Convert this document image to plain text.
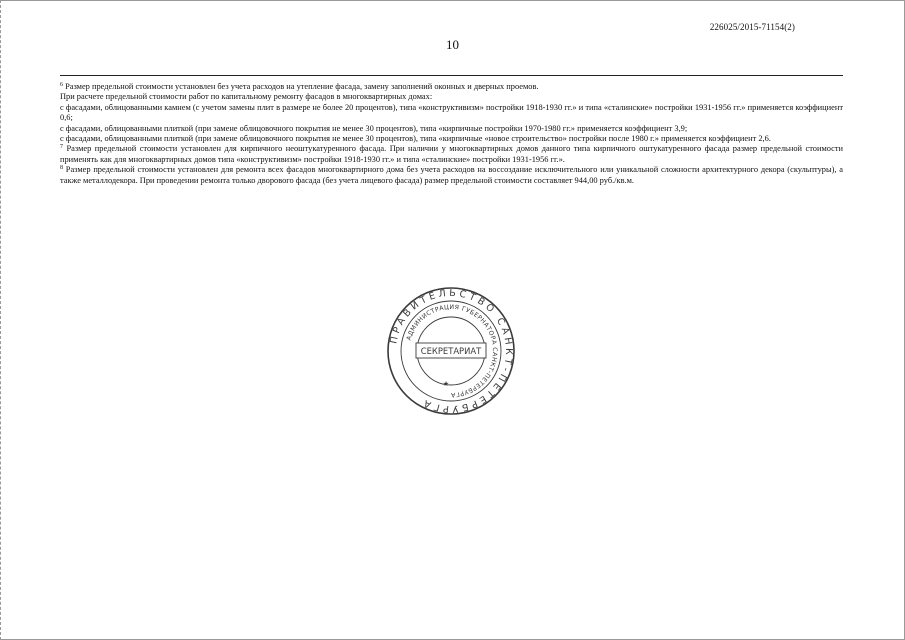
226025/2015-71154(2)
10

$^6$ Размер предельной стоимости установлен без учета расходов на утепление фасада, замену заполнений оконных и дверных проемов.

При расчете предельной стоимости работ по капитальному ремонту фасадов в многоквартирных домах:

с фасадами, облицованными камнем (с учетом замены плит в размере не более 20 процентов), типа «конструктивизм» постройки 1918-1930 гг.» и типа «сталинские» постройки 1931-1956 гг.» применяется коэффициент 0,6;

с фасадами, облицованными плиткой (при замене облицовочного покрытия не менее 30 процентов), типа «кирпичные постройки 1970-1980 гг.» применяется коэффициент 3,9;

с фасадами, облицованными плиткой (при замене облицовочного покрытия не менее 30 процентов), типа «кирпичные «новое строительство» постройки после 1980 г.» применяется коэффициент 2,6.

$^7$ Размер предельной стоимости установлен для кирпичного неоштукатуренного фасада. При наличии у многоквартирных домов данного типа кирпичного оштукатуренного фасада размер предельной стоимости применять как для многоквартирных домов типа «конструктивизм» постройки 1918-1930 гг.» и типа «сталинские» постройки 1931-1956 гг.».

$^8$ Размер предельной стоимости установлен для ремонта всех фасадов многоквартирного дома без учета расходов на воссоздание исключительного или уникальной сложности архитектурного декора (скульптуры), а также металлодекора. При проведении ремонта только дворового фасада (без учета лицевого фасада) размер предельной стоимости составляет 944,00 руб./кв.м.

ПРАВИТЕЛЬСТВО САНКТ-ПЕТЕРБУРГА
АДМИНИСТРАЦИЯ ГУБЕРНАТОРА САНКТ-ПЕТЕРБУРГА
СЕКРЕТАРИАТ
★
